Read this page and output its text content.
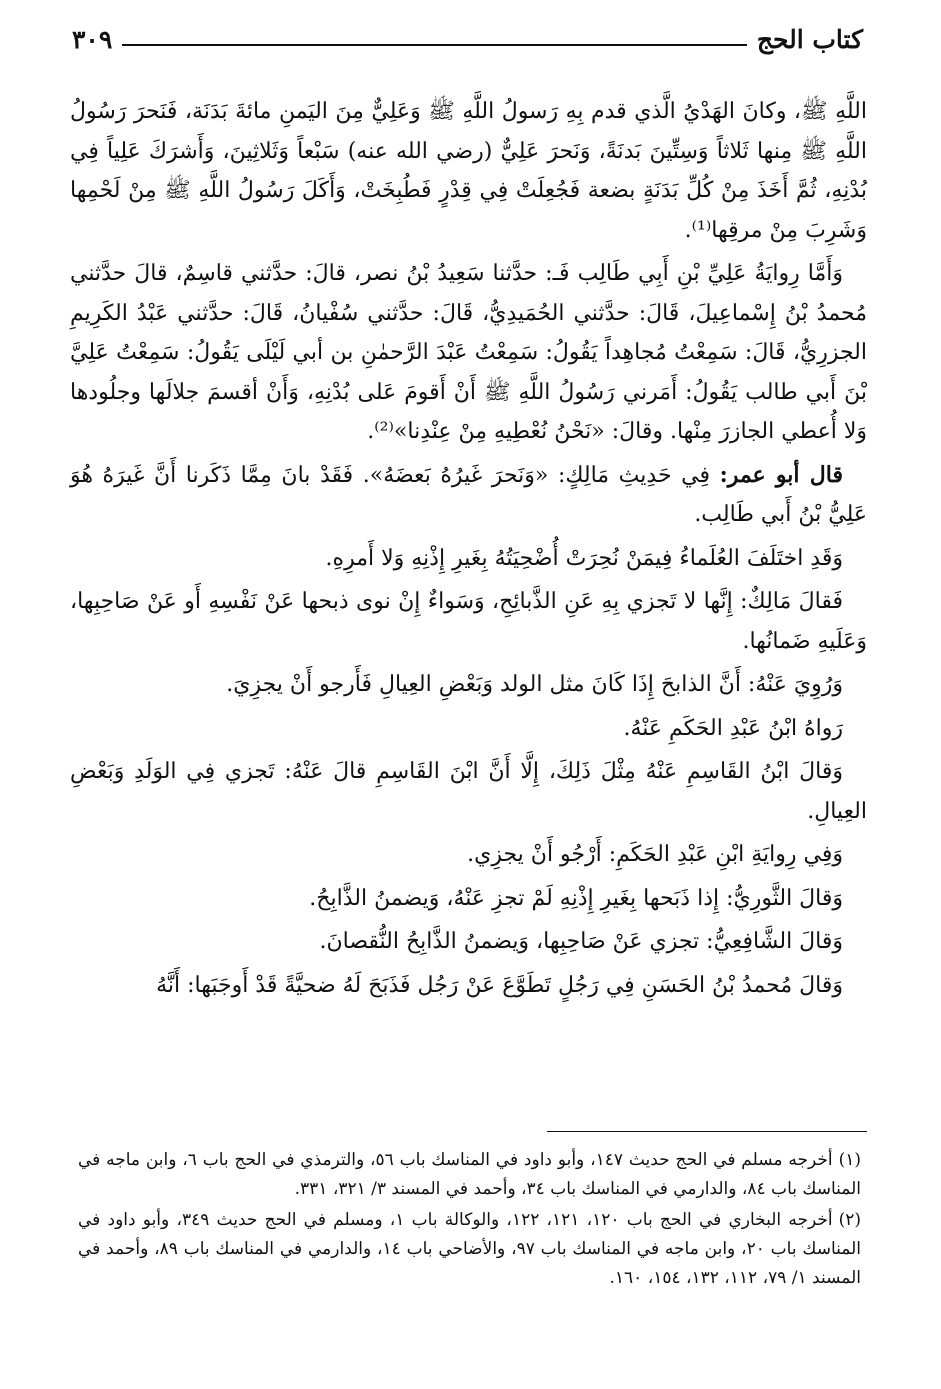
كتاب الحج
٣٠٩

اللَّهِ ﷺ، وكانَ الهَدْيُ الَّذي قدم بِهِ رَسولُ اللَّهِ ﷺ وَعَلِيٌّ مِنَ اليَمنِ مائةَ بَدَنَة، فَنَحرَ رَسُولُ اللَّهِ ﷺ مِنها ثَلاثاً وَسِتِّينَ بَدنَةً، وَنَحرَ عَلِيٌّ (رضي الله عنه) سَبْعاً وَثَلاثِينَ، وَأَشرَكَ عَلِياً فِي بُدْنِهِ، ثُمَّ أَخَذَ مِنْ كُلِّ بَدَنَةٍ بضعة فَجُعِلَتْ فِي قِدْرٍ فَطُبِخَتْ، وَأَكَلَ رَسُولُ اللَّهِ ﷺ مِنْ لَحْمِها وَشَرِبَ مِنْ مرقِها⁽¹⁾.

وَأَمَّا رِوايَةُ عَلِيِّ بْنِ أَبِي طَالِب فَـ: حدَّثنا سَعِيدُ بْنُ نصر، قالَ: حدَّثني قاسِمٌ، قالَ حدَّثني مُحمدُ بْنُ إِسْماعِيلَ، قَالَ: حدَّثني الحُمَيدِيُّ، قَالَ: حدَّثني سُفْيانُ، قَالَ: حدَّثني عَبْدُ الكَرِيمِ الجزرِيُّ، قَالَ: سَمِعْتُ مُجاهِداً يَقُولُ: سَمِعْتُ عَبْدَ الرَّحمٰنِ بن أبي لَيْلَى يَقُولُ: سَمِعْتُ عَلِيَّ بْنَ أَبي طالب يَقُولُ: أَمَرني رَسُولُ اللَّهِ ﷺ أَنْ أَقومَ عَلى بُدْنِهِ، وَأَنْ أقسمَ جلالَها وجلُودها وَلا أُعطي الجازرَ مِنْها. وقالَ: «نَحْنُ نُعْطِيهِ مِنْ عِنْدِنا»⁽²⁾.

قال أبو عمر: فِي حَدِيثِ مَالِكٍ: «وَنَحرَ غَيرُهُ بَعضَهُ». فَقَدْ بانَ مِمَّا ذَكَرنا أَنَّ غَيرَهُ هُوَ عَلِيُّ بْنُ أَبي طَالِب.

وَقَدِ اختَلَفَ العُلَماءُ فِيمَنْ نُحِرَتْ أُضْحِيَتُهُ بِغَيرِ إِذْنِهِ وَلا أَمرِهِ.

فَقالَ مَالِكٌ: إِنَّها لا تَجزي بِهِ عَنِ الذَّبائِحِ، وَسَواءٌ إِنْ نوى ذبحها عَنْ نَفْسِهِ أَو عَنْ صَاحِبِها، وَعَلَيهِ ضَمانُها.

وَرُوِيَ عَنْهُ: أَنَّ الذابحَ إِذَا كَانَ مثل الولد وَبَعْضِ العِيالِ فَأَرجو أَنْ يجزِيَ.

رَواهُ ابْنُ عَبْدِ الحَكَمِ عَنْهُ.

وَقالَ ابْنُ القَاسِمِ عَنْهُ مِثْلَ ذَلِكَ، إِلَّا أَنَّ ابْنَ القَاسِمِ قالَ عَنْهُ: تَجزي فِي الوَلَدِ وَبَعْضِ العِيالِ.

وَفِي رِوايَةِ ابْنِ عَبْدِ الحَكَمِ: أَرْجُو أَنْ يجزِي.

وَقالَ الثَّورِيُّ: إِذا ذَبَحها بِغَيرِ إِذْنِهِ لَمْ تجزِ عَنْهُ، وَيضمنُ الذَّابِحُ.

وَقالَ الشَّافِعِيُّ: تجزي عَنْ صَاحِبِها، وَيضمنُ الذَّابِحُ النُّقصانَ.

وَقالَ مُحمدُ بْنُ الحَسَنِ فِي رَجُلٍ تَطَوَّعَ عَنْ رَجُل فَذَبَحَ لَهُ ضحيَّةً قَدْ أَوجَبَها: أَنَّهُ

(١)أخرجه مسلم في الحج حديث ١٤٧، وأبو داود في المناسك باب ٥٦، والترمذي في الحج باب ٦، وابن ماجه في المناسك باب ٨٤، والدارمي في المناسك باب ٣٤، وأحمد في المسند ٣/ ٣٢١، ٣٣١.

(٢)أخرجه البخاري في الحج باب ١٢٠، ١٢١، ١٢٢، والوكالة باب ١، ومسلم في الحج حديث ٣٤٩، وأبو داود في المناسك باب ٢٠، وابن ماجه في المناسك باب ٩٧، والأضاحي باب ١٤، والدارمي في المناسك باب ٨٩، وأحمد في المسند ١/ ٧٩، ١١٢، ١٣٢، ١٥٤، ١٦٠.
